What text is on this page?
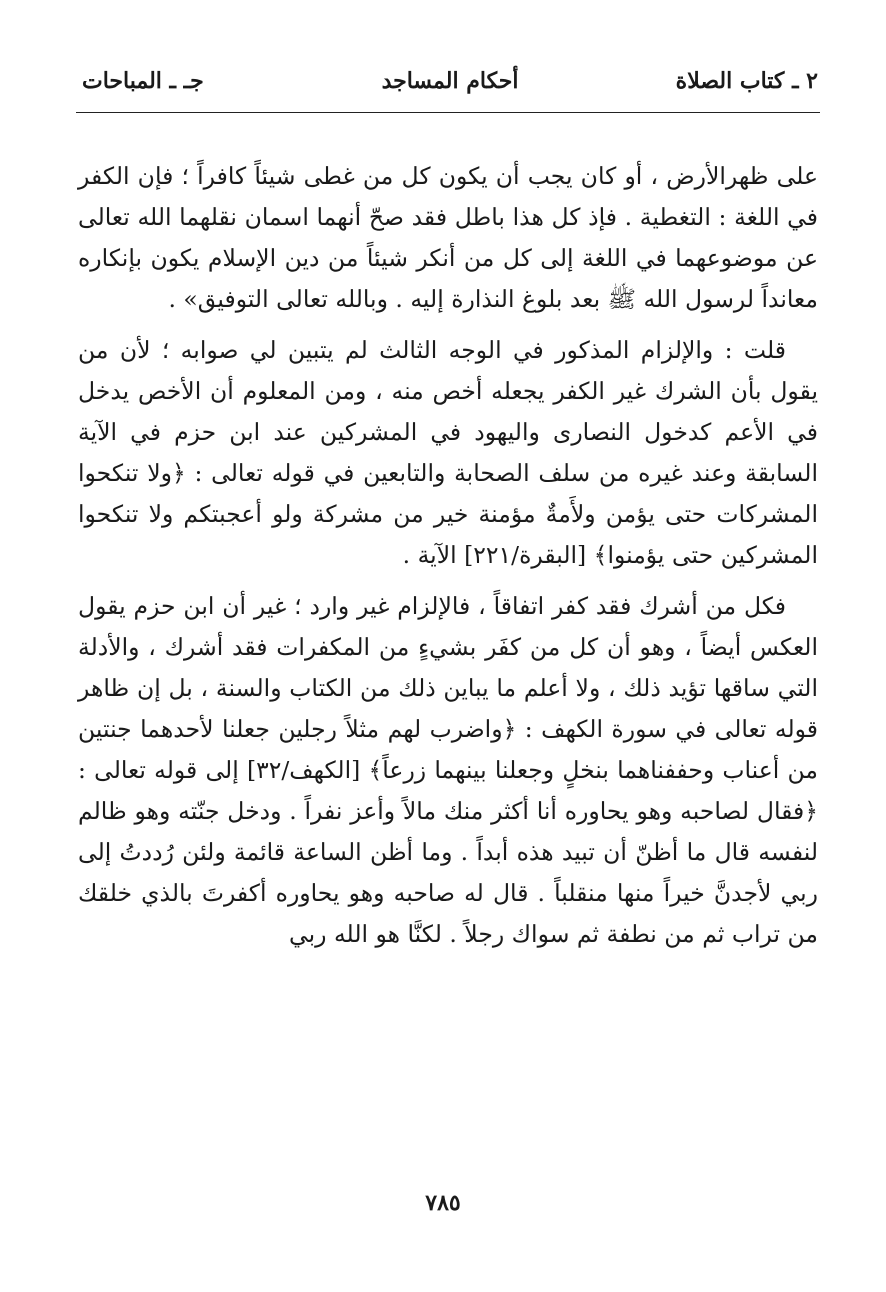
٢ ـ كتاب الصلاة
أحكام المساجد
جـ ـ المباحات

على ظهرالأرض ، أو كان يجب أن يكون كل من غطى شيئاً كافراً ؛ فإن الكفر في اللغة : التغطية . فإذ كل هذا باطل فقد صحّ أنهما اسمان نقلهما الله تعالى عن موضوعهما في اللغة إلى كل من أنكر شيئاً من دين الإسلام يكون بإنكاره معانداً لرسول الله ﷺ بعد بلوغ النذارة إليه . وبالله تعالى التوفيق» .

قلت : والإلزام المذكور في الوجه الثالث لم يتبين لي صوابه ؛ لأن من يقول بأن الشرك غير الكفر يجعله أخص منه ، ومن المعلوم أن الأخص يدخل في الأعم كدخول النصارى واليهود في المشركين عند ابن حزم في الآية السابقة وعند غيره من سلف الصحابة والتابعين في قوله تعالى : ﴿ولا تنكحوا المشركات حتى يؤمن ولأَمةٌ مؤمنة خير من مشركة ولو أعجبتكم ولا تنكحوا المشركين حتى يؤمنوا﴾ [البقرة/٢٢١] الآية .

فكل من أشرك فقد كفر اتفاقاً ، فالإلزام غير وارد ؛ غير أن ابن حزم يقول العكس أيضاً ، وهو أن كل من كفَر بشيءٍ من المكفرات فقد أشرك ، والأدلة التي ساقها تؤيد ذلك ، ولا أعلم ما يباين ذلك من الكتاب والسنة ، بل إن ظاهر قوله تعالى في سورة الكهف : ﴿واضرب لهم مثلاً رجلين جعلنا لأحدهما جنتين من أعناب وحففناهما بنخلٍ وجعلنا بينهما زرعاً﴾ [الكهف/٣٢] إلى قوله تعالى : ﴿فقال لصاحبه وهو يحاوره أنا أكثر منك مالاً وأعز نفراً . ودخل جنّته وهو ظالم لنفسه قال ما أظنّ أن تبيد هذه أبداً . وما أظن الساعة قائمة ولئن رُددتُ إلى ربي لأجدنَّ خيراً منها منقلباً . قال له صاحبه وهو يحاوره أكفرتَ بالذي خلقك من تراب ثم من نطفة ثم سواك رجلاً . لكنَّا هو الله ربي

٧٨٥
